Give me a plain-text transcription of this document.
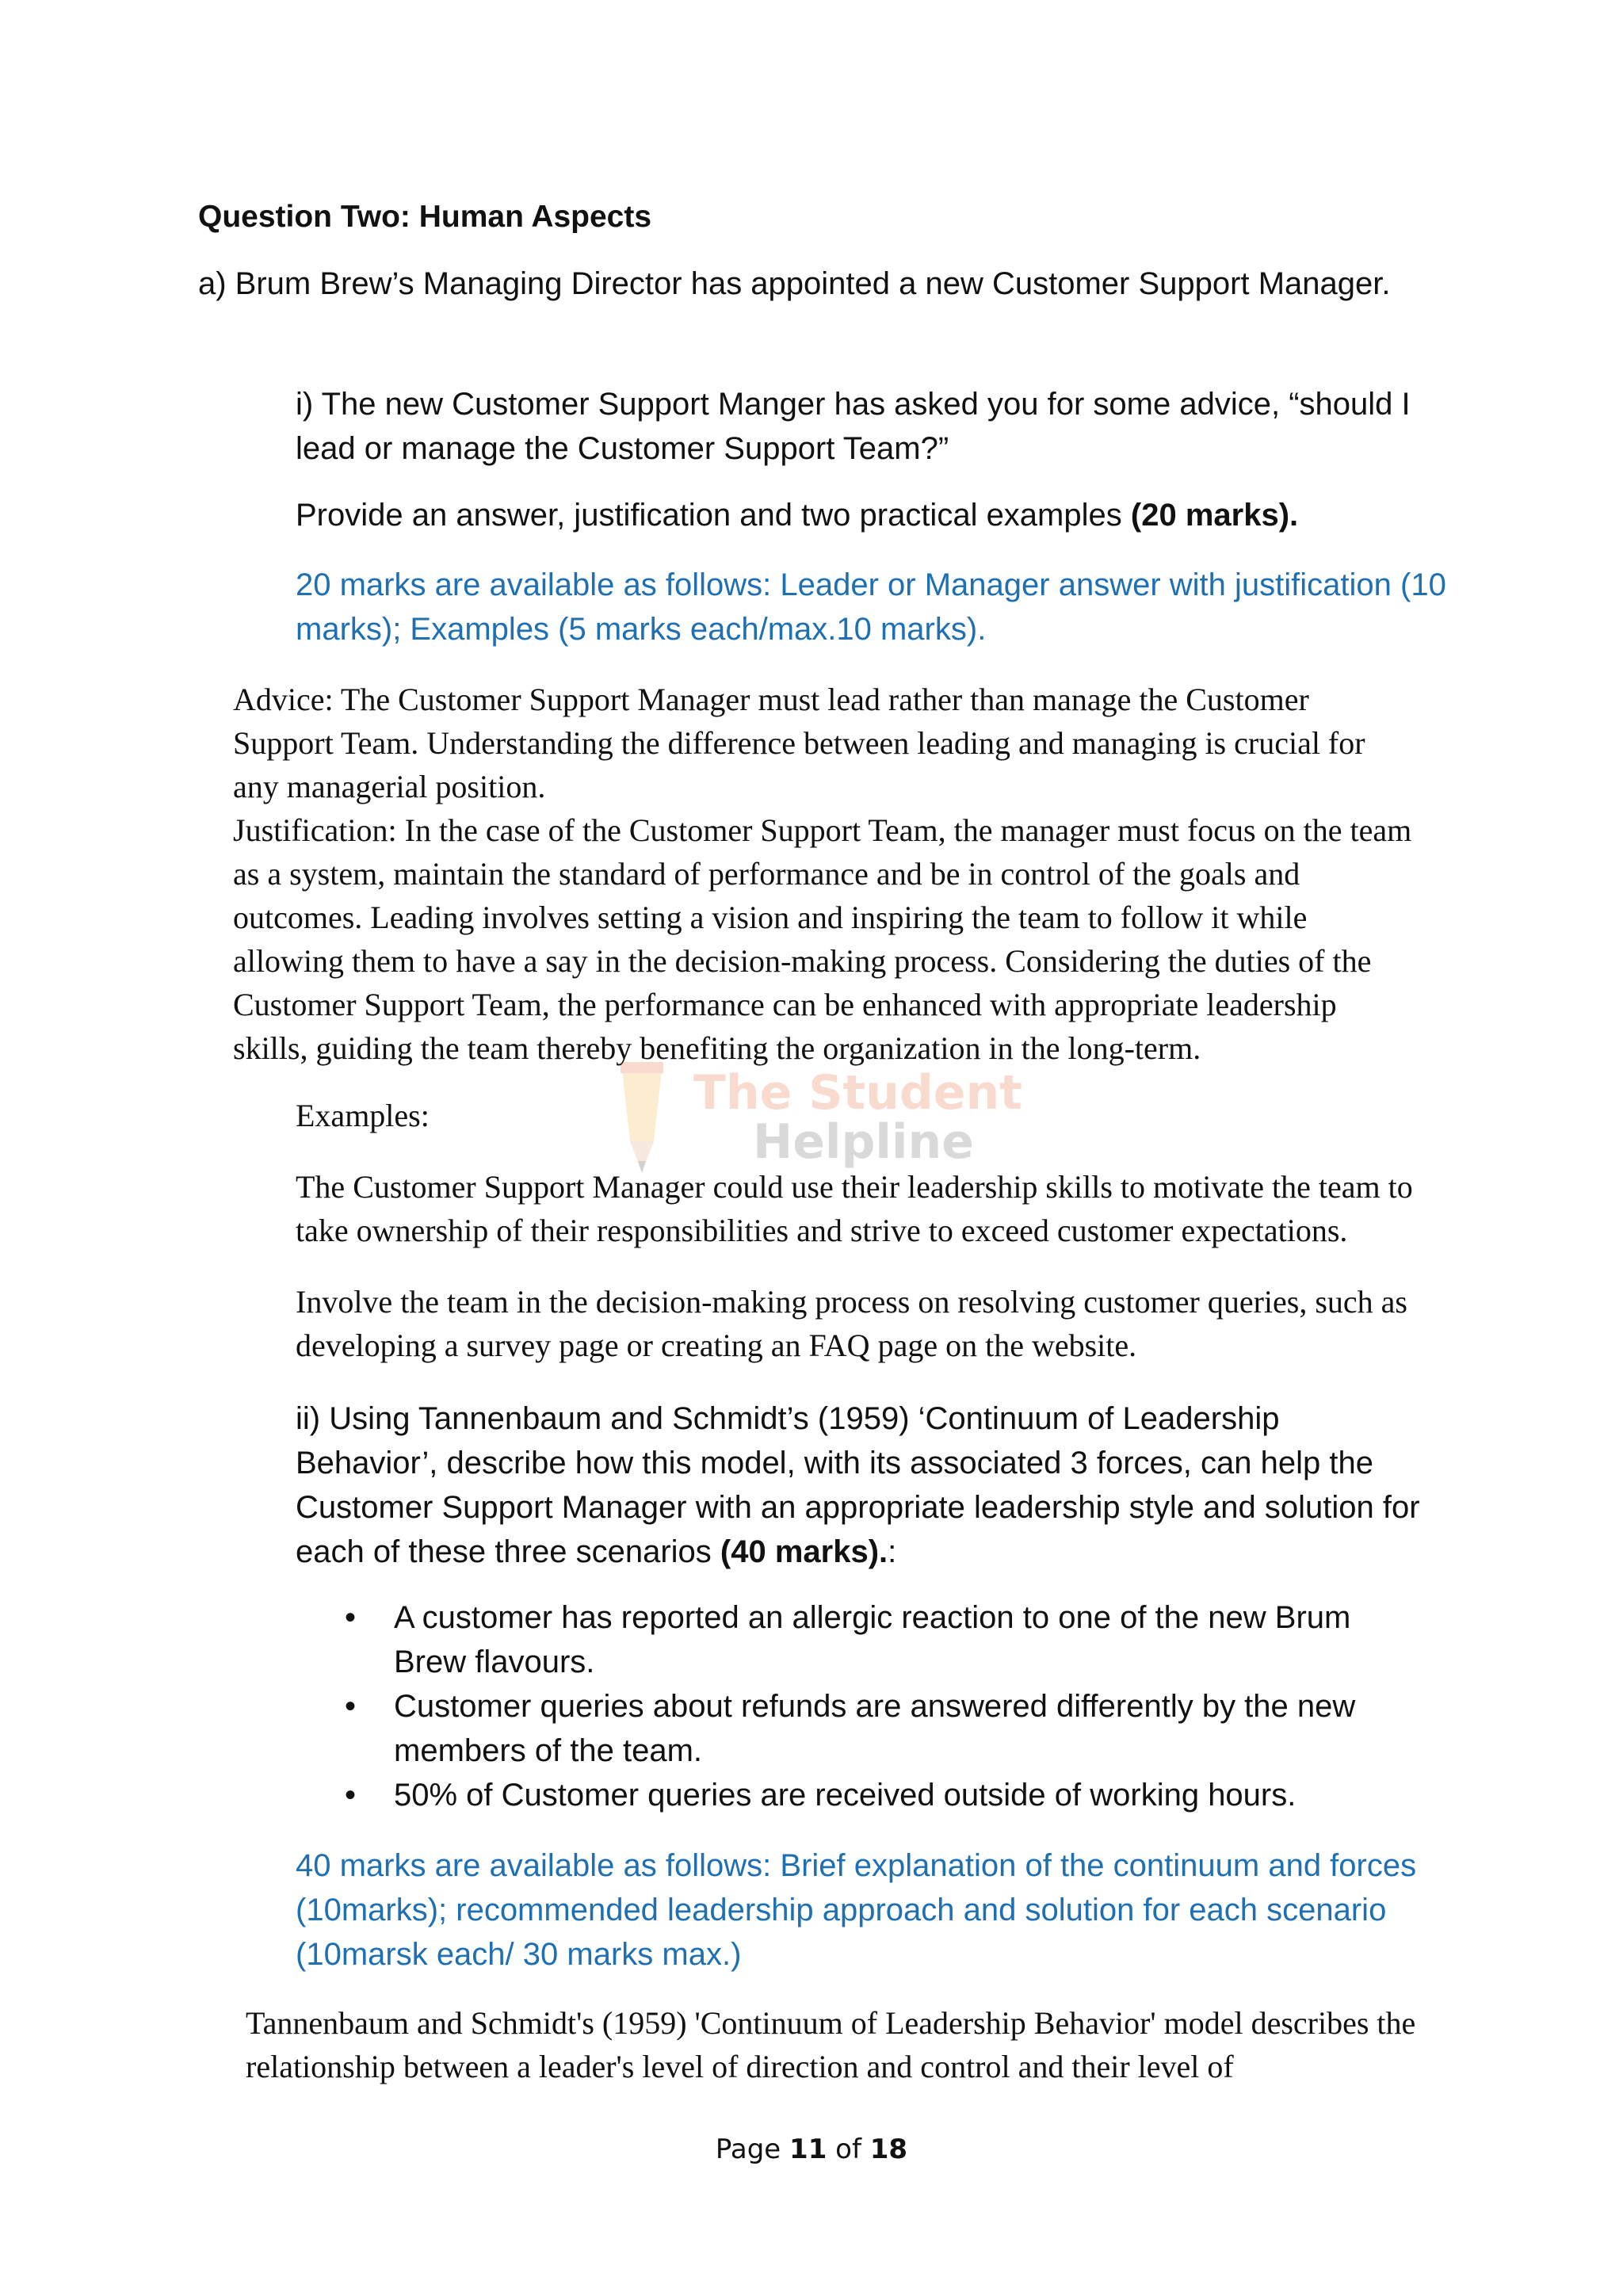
Question Two: Human Aspects
a) Brum Brew’s Managing Director has appointed a new Customer Support Manager.
i) The new Customer Support Manger has asked you for some advice, “should I lead or manage the Customer Support Team?”
Provide an answer, justification and two practical examples (20 marks).
20 marks are available as follows: Leader or Manager answer with justification (10 marks); Examples (5 marks each/max.10 marks).

Advice: The Customer Support Manager must lead rather than manage the Customer Support Team. Understanding the difference between leading and managing is crucial for any managerial position.

Justification: In the case of the Customer Support Team, the manager must focus on the team as a system, maintain the standard of performance and be in control of the goals and outcomes. Leading involves setting a vision and inspiring the team to follow it while allowing them to have a say in the decision-making process. Considering the duties of the Customer Support Team, the performance can be enhanced with appropriate leadership skills, guiding the team thereby benefiting the organization in the long-term.

Examples:
The Customer Support Manager could use their leadership skills to motivate the team to take ownership of their responsibilities and strive to exceed customer expectations.
Involve the team in the decision-making process on resolving customer queries, such as developing a survey page or creating an FAQ page on the website.
ii) Using Tannenbaum and Schmidt’s (1959) ‘Continuum of Leadership Behavior’, describe how this model, with its associated 3 forces, can help the Customer Support Manager with an appropriate leadership style and solution for each of these three scenarios (40 marks).:
• A customer has reported an allergic reaction to one of the new Brum Brew flavours.
• Customer queries about refunds are answered differently by the new members of the team.
• 50% of Customer queries are received outside of working hours.
40 marks are available as follows: Brief explanation of the continuum and forces (10marks); recommended leadership approach and solution for each scenario (10marsk each/ 30 marks max.)
Tannenbaum and Schmidt's (1959) 'Continuum of Leadership Behavior' model describes the relationship between a leader's level of direction and control and their level of
The Student
Helpline
Page 11 of 18
